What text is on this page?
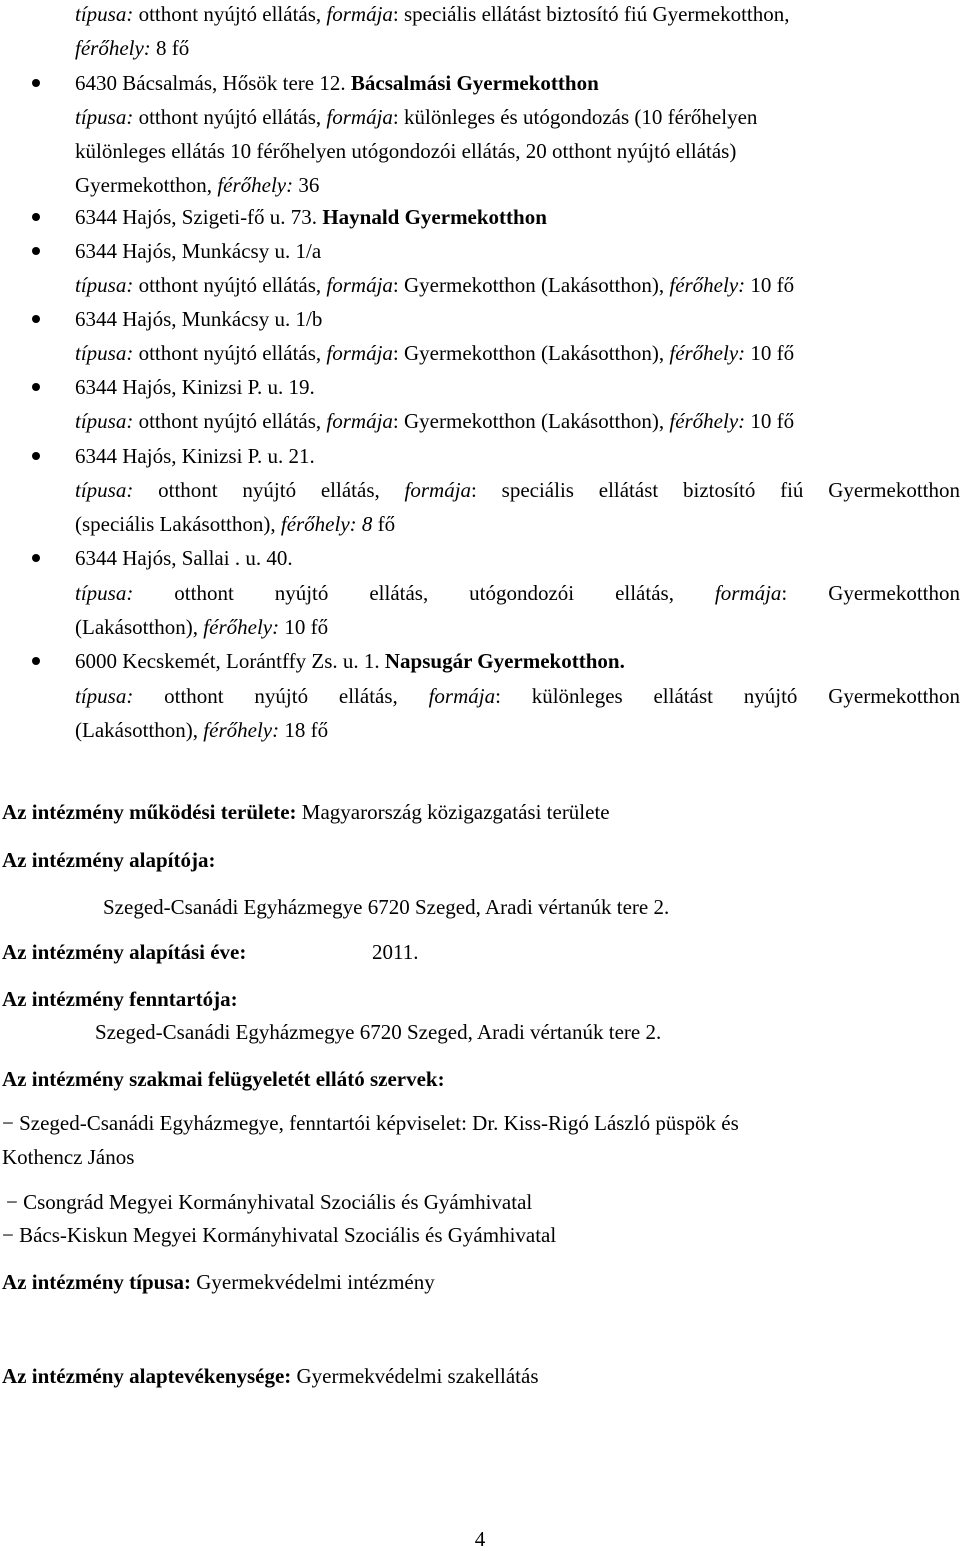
típusa: otthont nyújtó ellátás, formája: speciális ellátást biztosító fiú Gyermekotthon,
férőhely: 8 fő
6430 Bácsalmás, Hősök tere 12. Bácsalmási Gyermekotthon
típusa: otthont nyújtó ellátás, formája: különleges és utógondozás (10 férőhelyen
különleges ellátás 10 férőhelyen utógondozói ellátás, 20 otthont nyújtó ellátás)
Gyermekotthon, férőhely: 36
6344 Hajós, Szigeti-fő u. 73. Haynald Gyermekotthon
6344 Hajós, Munkácsy u. 1/a
típusa: otthont nyújtó ellátás, formája: Gyermekotthon (Lakásotthon), férőhely: 10 fő
6344 Hajós, Munkácsy u. 1/b
típusa: otthont nyújtó ellátás, formája: Gyermekotthon (Lakásotthon), férőhely: 10 fő
6344 Hajós, Kinizsi P. u. 19.
típusa: otthont nyújtó ellátás, formája: Gyermekotthon (Lakásotthon), férőhely: 10 fő
6344 Hajós, Kinizsi P. u. 21.
típusa: otthont nyújtó ellátás, formája: speciális ellátást biztosító fiú Gyermekotthon
(speciális Lakásotthon), férőhely: 8 fő
6344 Hajós, Sallai . u. 40.
típusa: otthont nyújtó ellátás, utógondozói ellátás, formája: Gyermekotthon
(Lakásotthon), férőhely: 10 fő
6000 Kecskemét, Lorántffy Zs. u. 1. Napsugár Gyermekotthon.
típusa: otthont nyújtó ellátás, formája: különleges ellátást nyújtó Gyermekotthon
(Lakásotthon), férőhely: 18 fő
Az intézmény működési területe: Magyarország közigazgatási területe
Az intézmény alapítója:
Szeged-Csanádi Egyházmegye 6720 Szeged, Aradi vértanúk tere 2.
Az intézmény alapítási éve:	2011.
Az intézmény fenntartója:
Szeged-Csanádi Egyházmegye 6720 Szeged, Aradi vértanúk tere 2.
Az intézmény szakmai felügyeletét ellátó szervek:
− Szeged-Csanádi Egyházmegye, fenntartói képviselet: Dr. Kiss-Rigó László püspök és
Kothencz János
− Csongrád Megyei Kormányhivatal Szociális és Gyámhivatal
− Bács-Kiskun Megyei Kormányhivatal Szociális és Gyámhivatal
Az intézmény típusa: Gyermekvédelmi intézmény
Az intézmény alaptevékenysége: Gyermekvédelmi szakellátás
4
